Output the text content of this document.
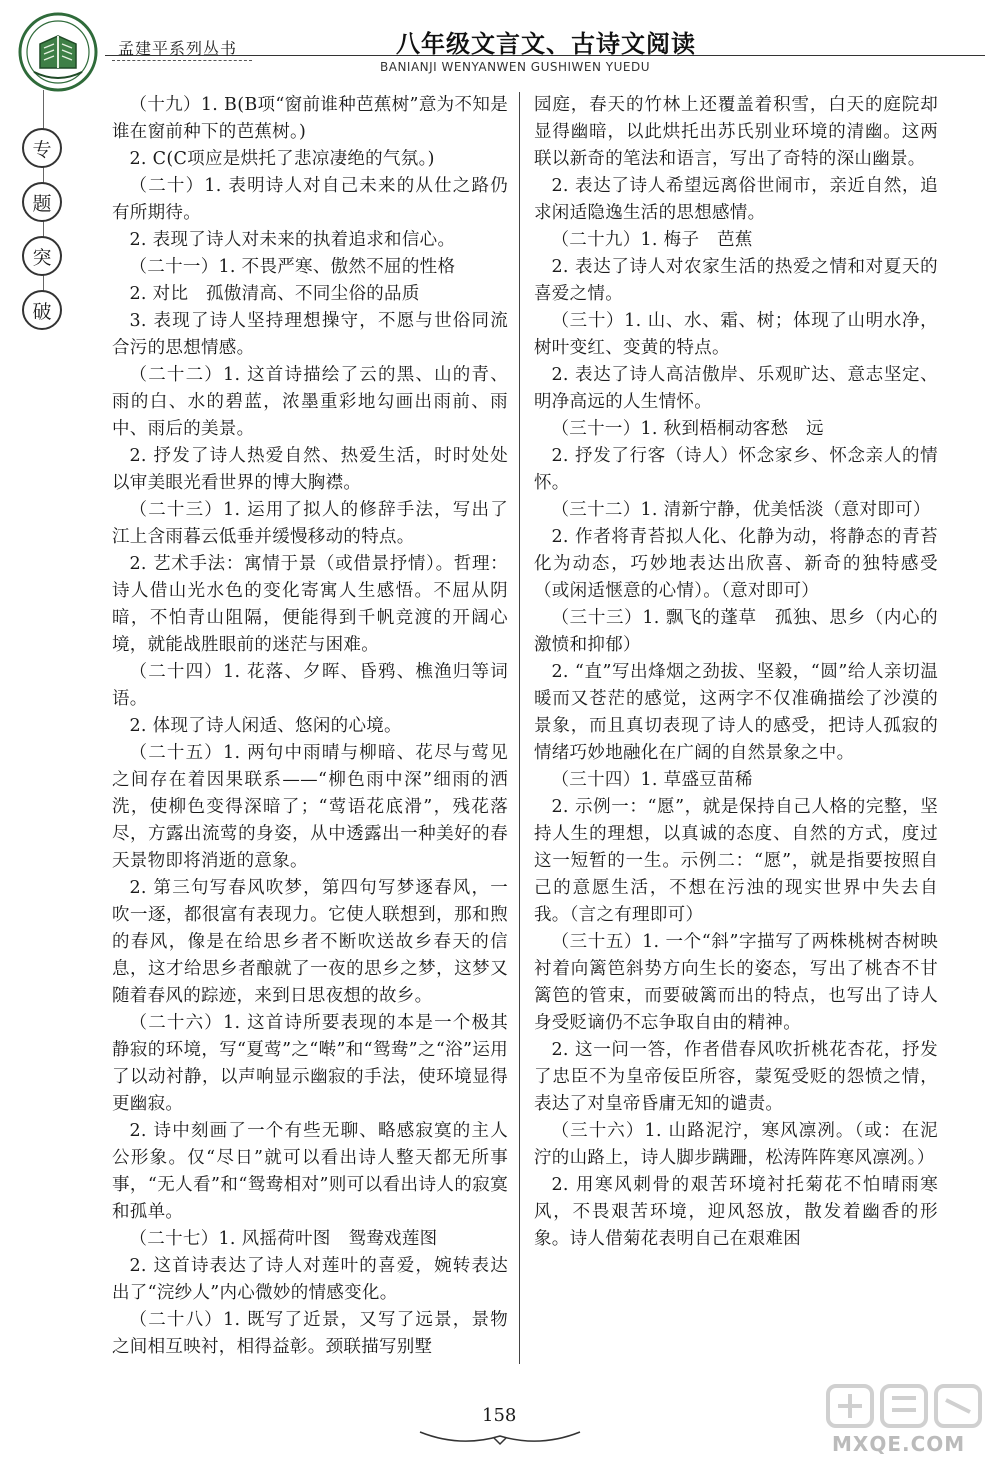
孟建平系列丛书	八年级文言文、古诗文阅读
BANIANJI WENYANWEN GUSHIWEN YUEDU
专
题
突
破

（十九）1. B(B项“窗前谁种芭蕉树”意为不知是谁在窗前种下的芭蕉树。)

2. C(C项应是烘托了悲凉凄绝的气氛。)

（二十）1. 表明诗人对自己未来的从仕之路仍有所期待。

2. 表现了诗人对未来的执着追求和信心。

（二十一）1. 不畏严寒、傲然不屈的性格

2. 对比　孤傲清高、不同尘俗的品质

3. 表现了诗人坚持理想操守，不愿与世俗同流合污的思想情感。

（二十二）1. 这首诗描绘了云的黑、山的青、雨的白、水的碧蓝，浓墨重彩地勾画出雨前、雨中、雨后的美景。

2. 抒发了诗人热爱自然、热爱生活，时时处处以审美眼光看世界的博大胸襟。

（二十三）1. 运用了拟人的修辞手法，写出了江上含雨暮云低垂并缓慢移动的特点。

2. 艺术手法：寓情于景（或借景抒情）。哲理：诗人借山光水色的变化寄寓人生感悟。不屈从阴暗，不怕青山阻隔，便能得到千帆竞渡的开阔心境，就能战胜眼前的迷茫与困难。

（二十四）1. 花落、夕晖、昏鸦、樵渔归等词语。

2. 体现了诗人闲适、悠闲的心境。

（二十五）1. 两句中雨晴与柳暗、花尽与莺见之间存在着因果联系——“柳色雨中深”细雨的洒洗，使柳色变得深暗了；“莺语花底滑”，残花落尽，方露出流莺的身姿，从中透露出一种美好的春天景物即将消逝的意象。

2. 第三句写春风吹梦，第四句写梦逐春风，一吹一逐，都很富有表现力。它使人联想到，那和煦的春风，像是在给思乡者不断吹送故乡春天的信息，这才给思乡者酿就了一夜的思乡之梦，这梦又随着春风的踪迹，来到日思夜想的故乡。

（二十六）1. 这首诗所要表现的本是一个极其静寂的环境，写“夏莺”之“啭”和“鸳鸯”之“浴”运用了以动衬静，以声响显示幽寂的手法，使环境显得更幽寂。

2. 诗中刻画了一个有些无聊、略感寂寞的主人公形象。仅“尽日”就可以看出诗人整天都无所事事，“无人看”和“鸳鸯相对”则可以看出诗人的寂寞和孤单。

（二十七）1. 风摇荷叶图　鸳鸯戏莲图

2. 这首诗表达了诗人对莲叶的喜爱，婉转表达出了“浣纱人”内心微妙的情感变化。

（二十八）1. 既写了近景，又写了远景，景物之间相互映衬，相得益彰。颈联描写别墅

园庭，春天的竹林上还覆盖着积雪，白天的庭院却显得幽暗，以此烘托出苏氏别业环境的清幽。这两联以新奇的笔法和语言，写出了奇特的深山幽景。

2. 表达了诗人希望远离俗世闹市，亲近自然，追求闲适隐逸生活的思想感情。

（二十九）1. 梅子　芭蕉

2. 表达了诗人对农家生活的热爱之情和对夏天的喜爱之情。

（三十）1. 山、水、霜、树；体现了山明水净，树叶变红、变黄的特点。

2. 表达了诗人高洁傲岸、乐观旷达、意志坚定、明净高远的人生情怀。

（三十一）1. 秋到梧桐动客愁　远

2. 抒发了行客（诗人）怀念家乡、怀念亲人的情怀。

（三十二）1. 清新宁静，优美恬淡（意对即可）

2. 作者将青苔拟人化、化静为动，将静态的青苔化为动态，巧妙地表达出欣喜、新奇的独特感受（或闲适惬意的心情）。（意对即可）

（三十三）1. 飘飞的蓬草　孤独、思乡（内心的激愤和抑郁）

2. “直”写出烽烟之劲拔、坚毅，“圆”给人亲切温暖而又苍茫的感觉，这两字不仅准确描绘了沙漠的景象，而且真切表现了诗人的感受，把诗人孤寂的情绪巧妙地融化在广阔的自然景象之中。

（三十四）1. 草盛豆苗稀

2. 示例一：“愿”，就是保持自己人格的完整，坚持人生的理想，以真诚的态度、自然的方式，度过这一短暂的一生。示例二：“愿”，就是指要按照自己的意愿生活，不想在污浊的现实世界中失去自我。（言之有理即可）

（三十五）1. 一个“斜”字描写了两株桃树杏树映衬着向篱笆斜势方向生长的姿态，写出了桃杏不甘篱笆的管束，而要破篱而出的特点，也写出了诗人身受贬谪仍不忘争取自由的精神。

2. 这一问一答，作者借春风吹折桃花杏花，抒发了忠臣不为皇帝佞臣所容，蒙冤受贬的怨愤之情，表达了对皇帝昏庸无知的谴责。

（三十六）1. 山路泥泞，寒风凛冽。（或：在泥泞的山路上，诗人脚步蹒跚，松涛阵阵寒风凛冽。）

2. 用寒风刺骨的艰苦环境衬托菊花不怕晴雨寒风，不畏艰苦环境，迎风怒放，散发着幽香的形象。诗人借菊花表明自己在艰难困

158
MXQE.COM
